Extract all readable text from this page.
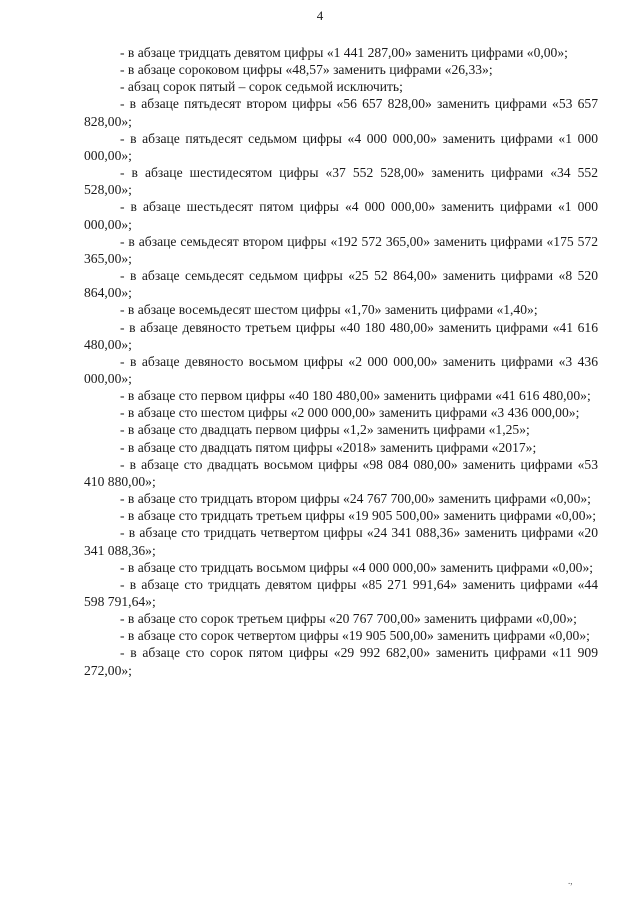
4

- в абзаце тридцать девятом цифры «1 441 287,00» заменить цифрами «0,00»;

- в абзаце сороковом цифры «48,57» заменить цифрами «26,33»;

- абзац сорок пятый – сорок седьмой исключить;

- в абзаце пятьдесят втором цифры «56 657 828,00» заменить цифрами «53 657 828,00»;

- в абзаце пятьдесят седьмом цифры «4 000 000,00» заменить цифрами «1 000 000,00»;

- в абзаце шестидесятом цифры «37 552 528,00» заменить цифрами «34 552 528,00»;

- в абзаце шестьдесят пятом цифры «4 000 000,00» заменить цифрами «1 000 000,00»;

- в абзаце семьдесят втором цифры «192 572 365,00» заменить цифрами «175 572 365,00»;

- в абзаце семьдесят седьмом цифры «25 52 864,00» заменить цифрами «8 520 864,00»;

- в абзаце восемьдесят шестом цифры «1,70» заменить цифрами «1,40»;

- в абзаце девяносто третьем цифры «40 180 480,00» заменить цифрами «41 616 480,00»;

- в абзаце девяносто восьмом цифры «2 000 000,00» заменить цифрами «3 436 000,00»;

- в абзаце сто первом цифры «40 180 480,00» заменить цифрами «41 616 480,00»;

- в абзаце сто шестом цифры «2 000 000,00» заменить цифрами «3 436 000,00»;

- в абзаце сто двадцать первом цифры «1,2» заменить цифрами «1,25»;

- в абзаце сто двадцать пятом цифры «2018» заменить цифрами «2017»;

- в абзаце сто двадцать восьмом цифры «98 084 080,00» заменить цифрами «53 410 880,00»;

- в абзаце сто тридцать втором цифры «24 767 700,00» заменить цифрами «0,00»;

- в абзаце сто тридцать третьем цифры «19 905 500,00» заменить цифрами «0,00»;

- в абзаце сто тридцать четвертом цифры «24 341 088,36» заменить цифрами «20 341 088,36»;

- в абзаце сто тридцать восьмом цифры «4 000 000,00» заменить цифрами «0,00»;

- в абзаце сто тридцать девятом цифры «85 271 991,64» заменить цифрами «44 598 791,64»;

- в абзаце сто сорок третьем цифры «20 767 700,00» заменить цифрами «0,00»;

- в абзаце сто сорок четвертом цифры «19 905 500,00» заменить цифрами «0,00»;

- в абзаце сто сорок пятом цифры «29 992 682,00» заменить цифрами «11 909 272,00»;

.,
